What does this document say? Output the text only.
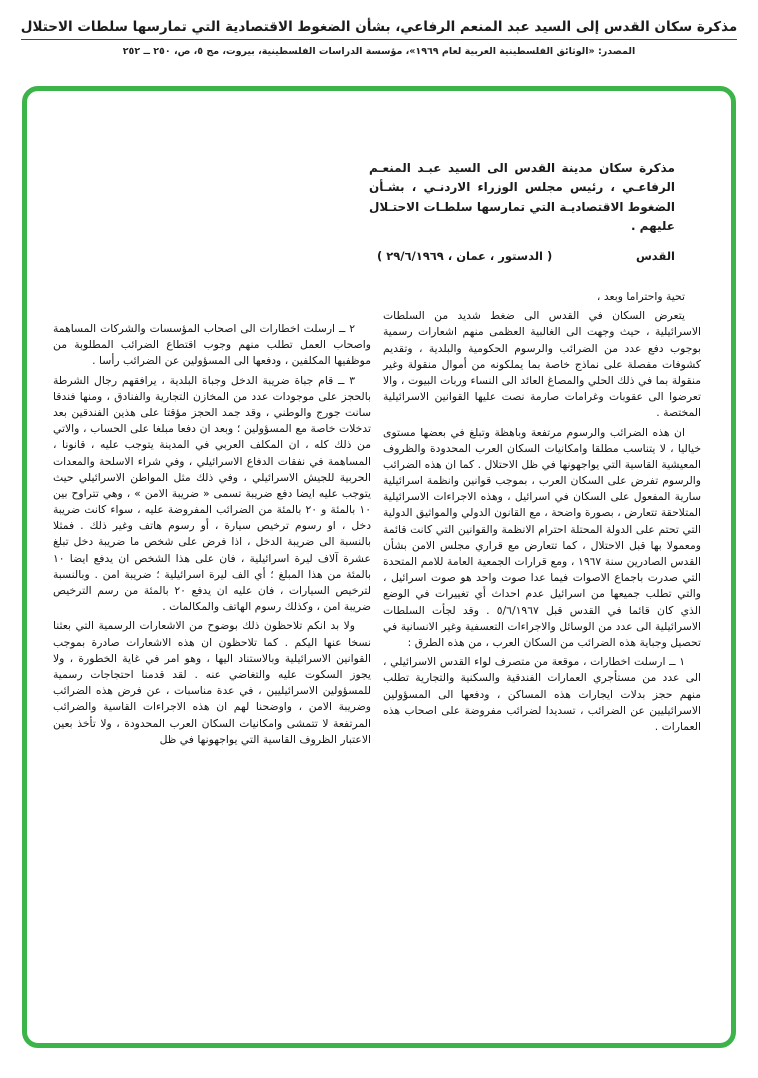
مذكرة سكان القدس إلى السيد عبد المنعم الرفاعي، بشأن الضغوط الاقتصادية التي تمارسها سلطات الاحتلال
المصدر: «الوثائق الفلسطينية العربية لعام ١٩٦٩»، مؤسسة الدراسات الفلسطينية، بيروت، مج ٥، ص، ٢٥٠ ــ ٢٥٢
مذكرة سكان مدينة القدس الى السيد عبـد المنعـم
الرفاعـي ، رئيس مجلس الوزراء الاردنـي ، بشـأن
الضغوط الاقتصاديـة التي تمارسها سلطـات الاحتـلال
عليهم .
القدس
( الدستور ، عمان ، ٢٩/٦/١٩٦٩ )

تحية واحتراما وبعد ،

يتعرض السكان في القدس الى ضغط شديد من السلطات الاسرائيلية ، حيث وجهت الى الغالبية العظمى منهم اشعارات رسمية بوجوب دفع عدد من الضرائب والرسوم الحكومية والبلدية ، وتقديم كشوفات مفصلة على نماذج خاصة بما يملكونه من أموال منقولة وغير منقولة بما في ذلك الحلي والمصاغ العائد الى النساء وربات البيوت ، والا تعرضوا الى عقوبات وغرامات صارمة نصت عليها القوانين الاسرائيلية المختصة .

ان هذه الضرائب والرسوم مرتفعة وباهظة وتبلغ في بعضها مستوى خياليا ، لا يتناسب مطلقا وامكانيات السكان العرب المحدودة والظروف المعيشية القاسية التي يواجهونها في ظل الاحتلال . كما ان هذه الضرائب والرسوم تفرض على السكان العرب ، بموجب قوانين وانظمة اسرائيلية سارية المفعول على السكان في اسرائيل ، وهذه الاجراءات الاسرائيلية المتلاحقة تتعارض ، بصورة واضحة ، مع القانون الدولي والمواثيق الدولية التي تحتم على الدولة المحتلة احترام الانظمة والقوانين التي كانت قائمة ومعمولا بها قبل الاحتلال ، كما تتعارض مع قراري مجلس الامن بشأن القدس الصادرين سنة ١٩٦٧ ، ومع قرارات الجمعية العامة للامم المتحدة التي صدرت باجماع الاصوات فيما عدا صوت واحد هو صوت اسرائيل ، والتي تطلب جميعها من اسرائيل عدم احداث أي تغييرات في الوضع الذي كان قائما في القدس قبل ٥/٦/١٩٦٧ . وقد لجأت السلطات الاسرائيلية الى عدد من الوسائل والاجراءات التعسفية وغير الانسانية في تحصيل وجباية هذه الضرائب من السكان العرب ، من هذه الطرق :

١ ــ ارسلت اخطارات ، موقعة من متصرف لواء القدس الاسرائيلي ، الى عدد من مستأجري العمارات الفندقية والسكنية والتجارية تطلب منهم حجز بدلات ايجارات هذه المساكن ، ودفعها الى المسؤولين الاسرائيليين عن الضرائب ، تسديدا لضرائب مفروضة على اصحاب هذه العمارات .

٢ ــ ارسلت اخطارات الى اصحاب المؤسسات والشركات المساهمة واصحاب العمل تطلب منهم وجوب اقتطاع الضرائب المطلوبة من موظفيها المكلفين ، ودفعها الى المسؤولين عن الضرائب رأسا .

٣ ــ قام جباة ضريبة الدخل وجباة البلدية ، يرافقهم رجال الشرطة بالحجز على موجودات عدد من المخازن التجارية والفنادق ، ومنها فندقا سانت جورج والوطني ، وقد جمد الحجز مؤقتا على هذين الفندقين بعد تدخلات خاصة مع المسؤولين ؛ وبعد ان دفعا مبلغا على الحساب ، والاتي من ذلك كله ، ان المكلف العربي في المدينة يتوجب عليه ، قانونا ، المساهمة في نفقات الدفاع الاسرائيلي ، وفي شراء الاسلحة والمعدات الحربية للجيش الاسرائيلي ، وفي ذلك مثل المواطن الاسرائيلي حيث يتوجب عليه ايضا دفع ضريبة تسمى « ضريبة الامن » ، وهي تتراوح بين ١٠ بالمئة و ٢٠ بالمئة من الضرائب المفروضة عليه ، سواء كانت ضريبة دخل ، او رسوم ترخيص سيارة ، أو رسوم هاتف وغير ذلك . فمثلا بالنسبة الى ضريبة الدخل ، اذا فرض على شخص ما ضريبة دخل تبلغ عشرة آلاف ليرة اسرائيلية ، فان على هذا الشخص ان يدفع ايضا ١٠ بالمئة من هذا المبلغ ؛ أي الف ليرة اسرائيلية ؛ ضريبة امن . وبالنسبة لترخيص السيارات ، فان عليه ان يدفع ٢٠ بالمئة من رسم الترخيص ضريبة امن ، وكذلك رسوم الهاتف والمكالمات .

ولا بد انكم تلاحظون ذلك بوضوح من الاشعارات الرسمية التي بعثنا نسخا عنها اليكم . كما تلاحظون ان هذه الاشعارات صادرة بموجب القوانين الاسرائيلية وبالاستناد اليها ، وهو امر في غاية الخطورة ، ولا يجوز السكوت عليه والتغاضي عنه . لقد قدمنا احتجاجات رسمية للمسؤولين الاسرائيليين ، في عدة مناسبات ، عن فرض هذه الضرائب وضريبة الامن ، واوضحنا لهم ان هذه الاجراءات القاسية والضرائب المرتفعة لا تتمشى وامكانيات السكان العرب المحدودة ، ولا تأخذ بعين الاعتبار الظروف القاسية التي يواجهونها في ظل
